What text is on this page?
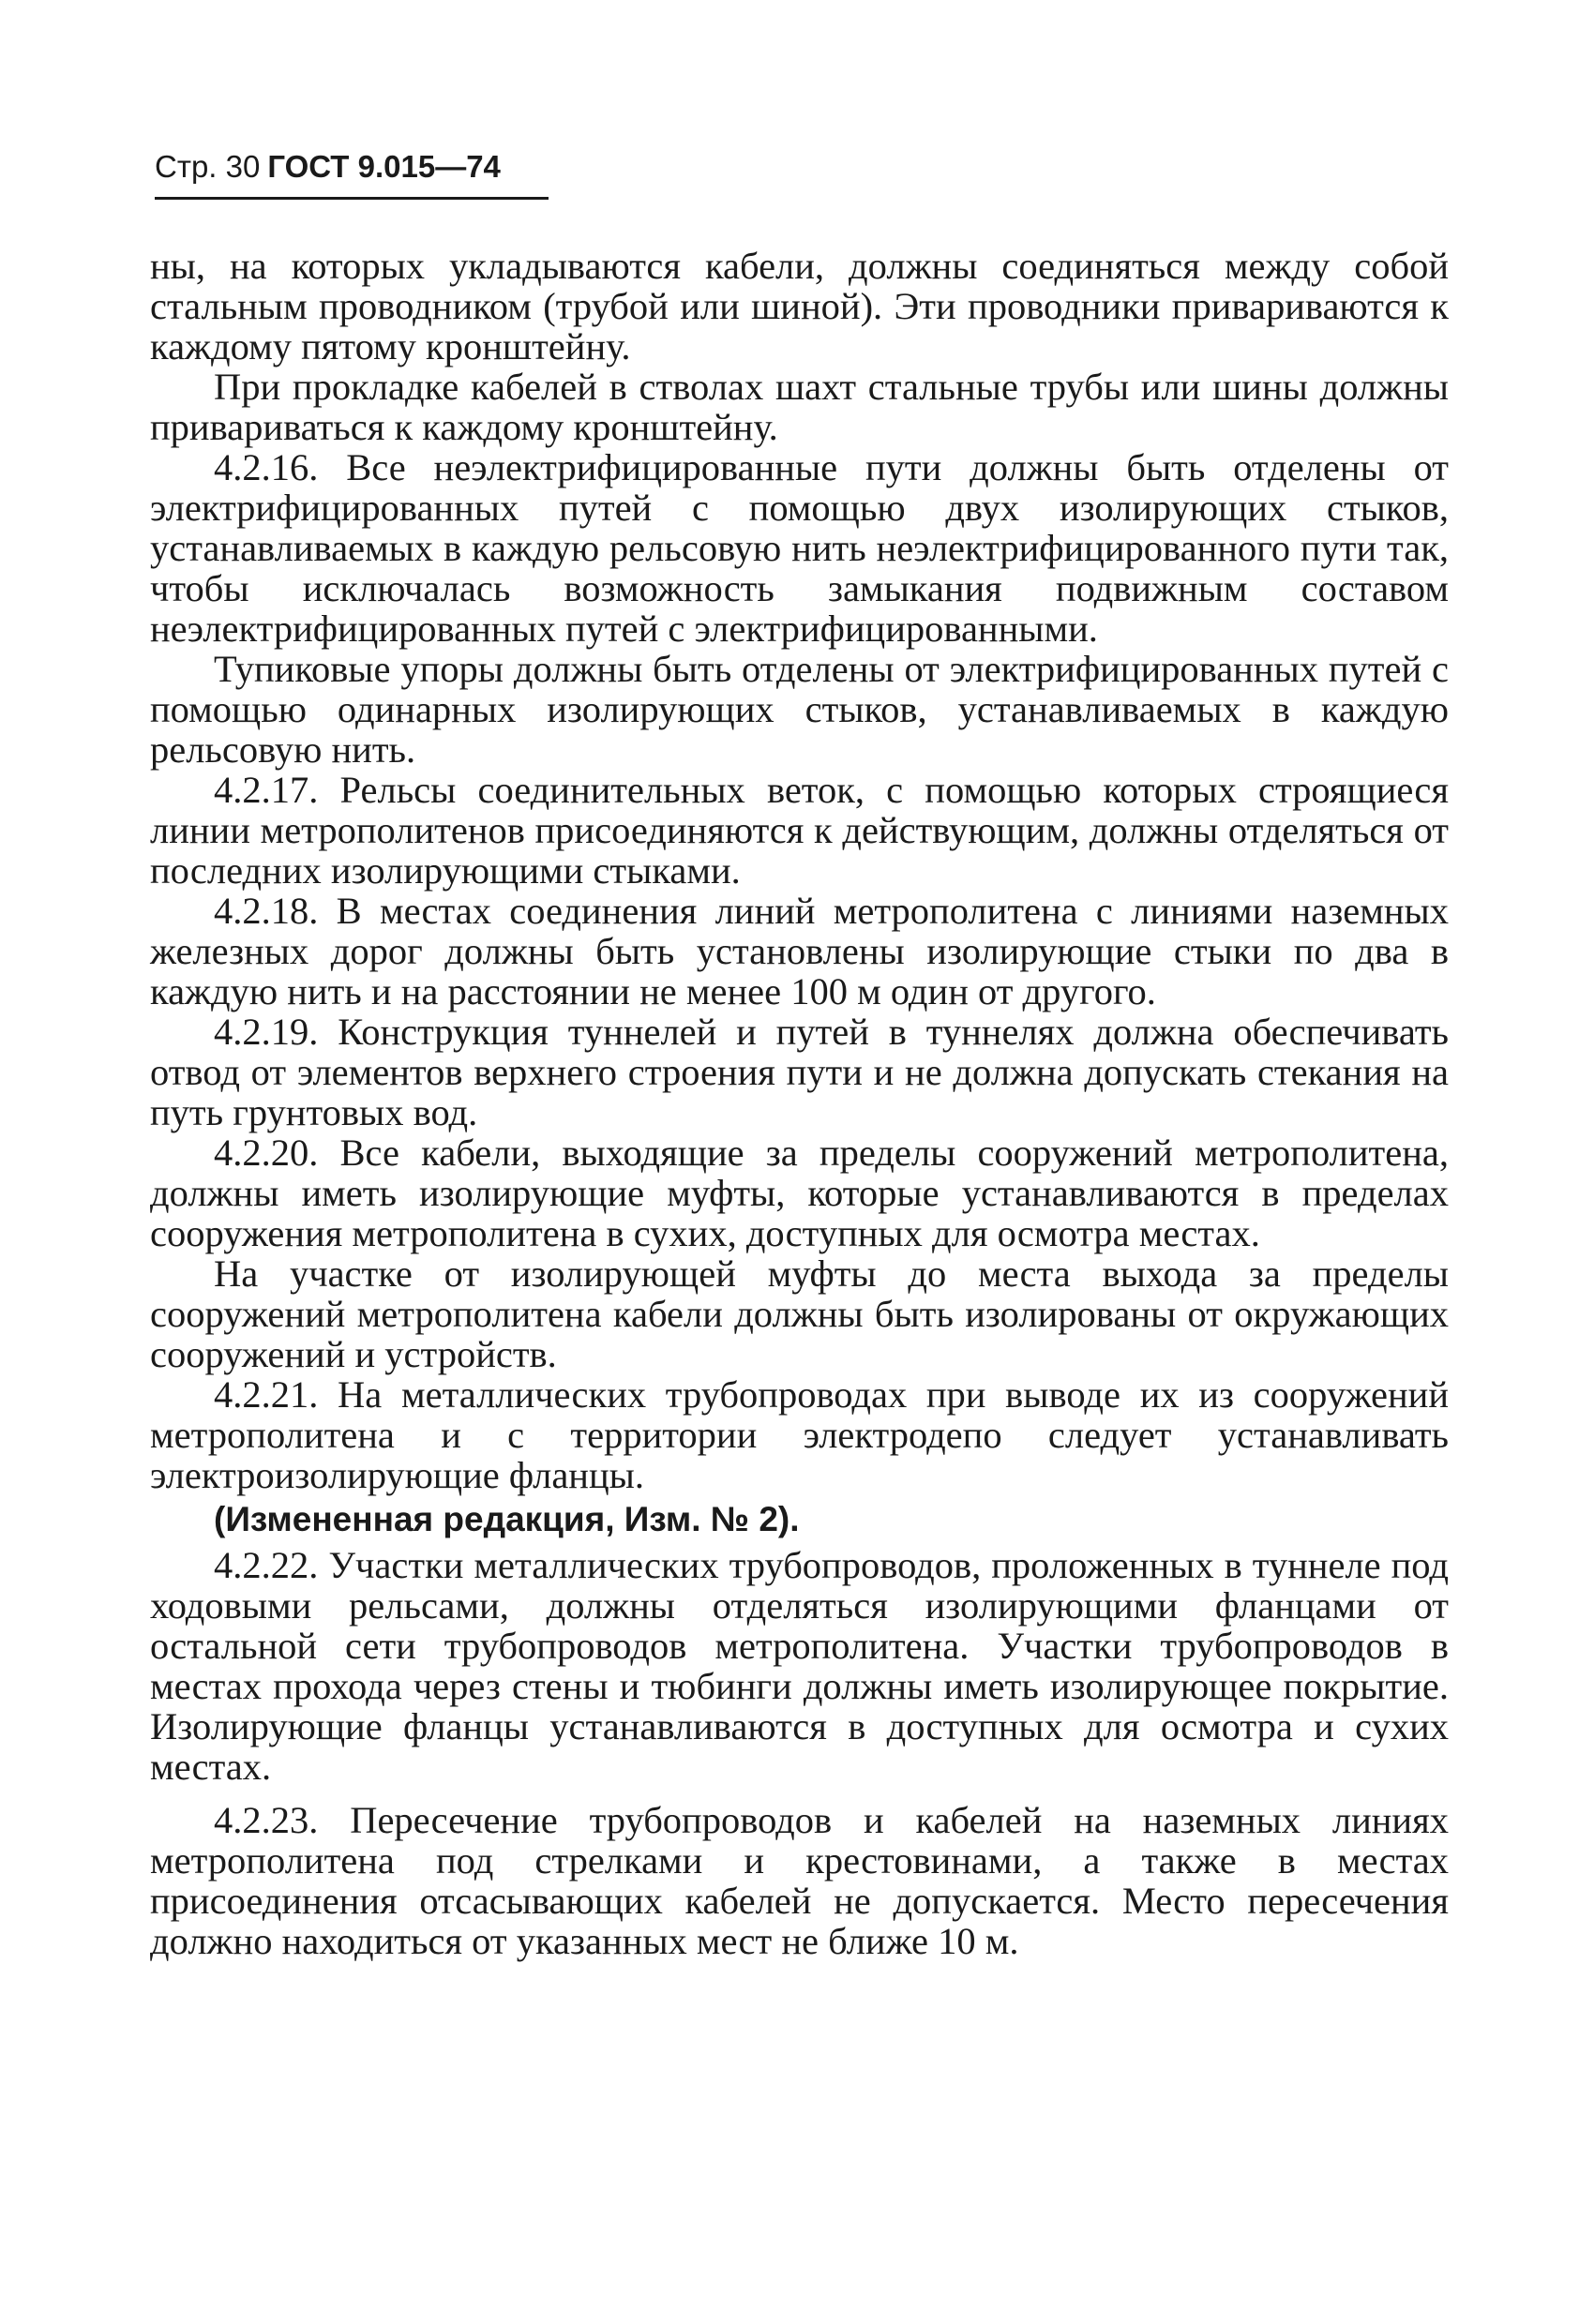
Стр. 30 ГОСТ 9.015—74

ны, на которых укладываются кабели, должны соединяться между собой стальным проводником (трубой или шиной). Эти проводники привариваются к каждому пятому кронштейну.

При прокладке кабелей в стволах шахт стальные трубы или шины должны привариваться к каждому кронштейну.

4.2.16. Все неэлектрифицированные пути должны быть отделены от электрифицированных путей с помощью двух изолирующих стыков, устанавливаемых в каждую рельсовую нить неэлектрифицированного пути так, чтобы исключалась возможность замыкания подвижным составом неэлектрифицированных путей с электрифицированными.

Тупиковые упоры должны быть отделены от электрифицированных путей с помощью одинарных изолирующих стыков, устанавливаемых в каждую рельсовую нить.

4.2.17. Рельсы соединительных веток, с помощью которых строящиеся линии метрополитенов присоединяются к действующим, должны отделяться от последних изолирующими стыками.

4.2.18. В местах соединения линий метрополитена с линиями наземных железных дорог должны быть установлены изолирующие стыки по два в каждую нить и на расстоянии не менее 100 м один от другого.

4.2.19. Конструкция туннелей и путей в туннелях должна обеспечивать отвод от элементов верхнего строения пути и не должна допускать стекания на путь грунтовых вод.

4.2.20. Все кабели, выходящие за пределы сооружений метрополитена, должны иметь изолирующие муфты, которые устанавливаются в пределах сооружения метрополитена в сухих, доступных для осмотра местах.

На участке от изолирующей муфты до места выхода за пределы сооружений метрополитена кабели должны быть изолированы от окружающих сооружений и устройств.

4.2.21. На металлических трубопроводах при выводе их из сооружений метрополитена и с территории электродепо следует устанавливать электроизолирующие фланцы.

(Измененная редакция, Изм. № 2).

4.2.22. Участки металлических трубопроводов, проложенных в туннеле под ходовыми рельсами, должны отделяться изолирующими фланцами от остальной сети трубопроводов метрополитена. Участки трубопроводов в местах прохода через стены и тюбинги должны иметь изолирующее покрытие. Изолирующие фланцы устанавливаются в доступных для осмотра и сухих местах.

4.2.23. Пересечение трубопроводов и кабелей на наземных линиях метрополитена под стрелками и крестовинами, а также в местах присоединения отсасывающих кабелей не допускается. Место пересечения должно находиться от указанных мест не ближе 10 м.
